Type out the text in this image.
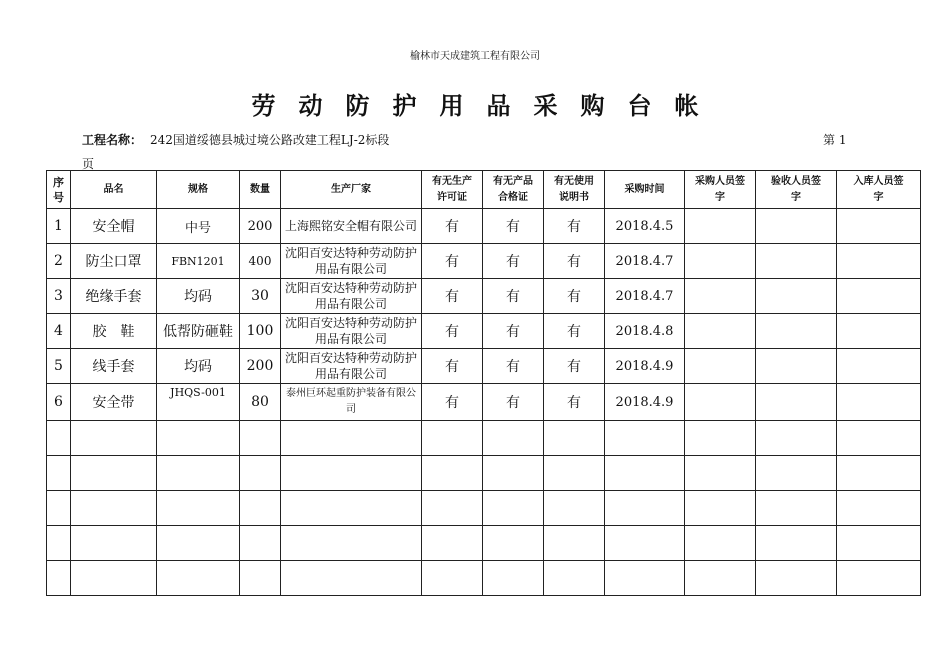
榆林市天成建筑工程有限公司
劳动防护用品采购台帐
工程名称： 242国道绥德县城过境公路改建工程LJ-2标段	第 1
页
序号	品名	规格	数量	生产厂家	有无生产许可证	有无产品合格证	有无使用说明书	采购时间	采购人员签字	验收人员签字	入库人员签字
1	安全帽	中号	200	上海熙铭安全帽有限公司	有	有	有	2018.4.5			
2	防尘口罩	FBN1201	400	沈阳百安达特种劳动防护用品有限公司	有	有	有	2018.4.7			
3	绝缘手套	均码	30	沈阳百安达特种劳动防护用品有限公司	有	有	有	2018.4.7			
4	胶　鞋	低帮防砸鞋	100	沈阳百安达特种劳动防护用品有限公司	有	有	有	2018.4.8			
5	线手套	均码	200	沈阳百安达特种劳动防护用品有限公司	有	有	有	2018.4.9			
6	安全带	JHQS-001	80	泰州巨环起重防护装备有限公司	有	有	有	2018.4.9			
